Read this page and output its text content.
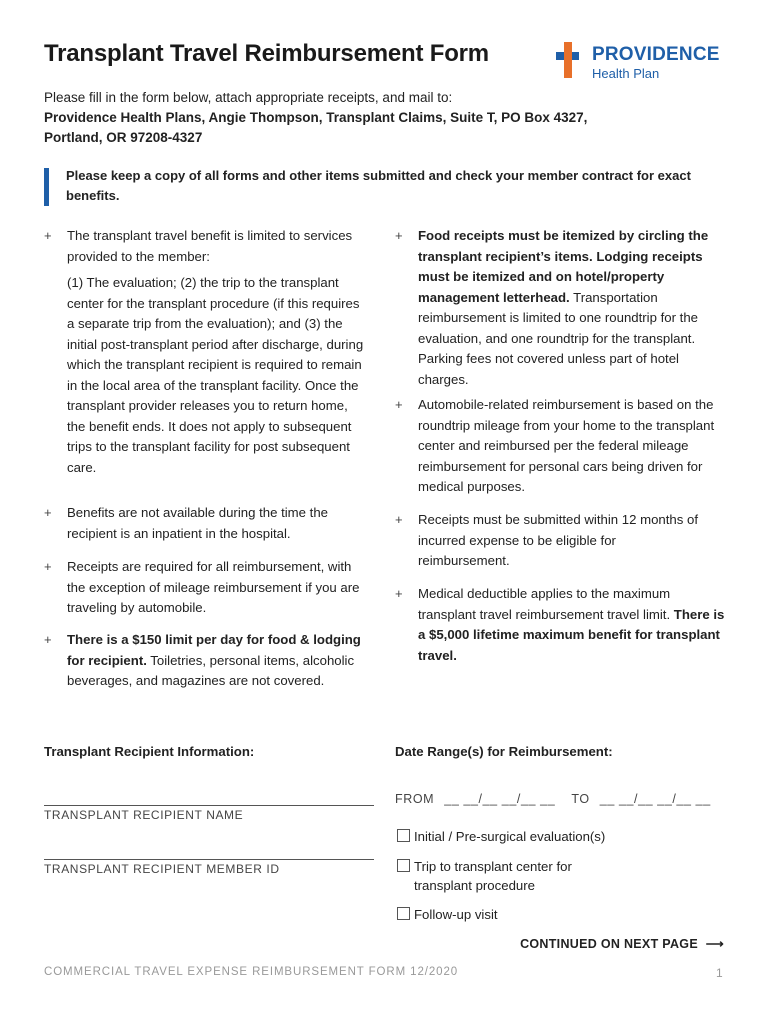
Transplant Travel Reimbursement Form	PROVIDENCE
Health Plan
Please fill in the form below, attach appropriate receipts, and mail to:
Providence Health Plans, Angie Thompson, Transplant Claims, Suite T, PO Box 4327,
Portland, OR 97208-4327
Please keep a copy of all forms and other items submitted and check your member contract for exact benefits.
+	The transplant travel benefit is limited to services provided to the member:
(1) The evaluation; (2) the trip to the transplant center for the transplant procedure (if this requires a separate trip from the evaluation); and (3) the initial post-transplant period after discharge, during which the transplant recipient is required to remain in the local area of the transplant facility. Once the transplant provider releases you to return home, the benefit ends. It does not apply to subsequent trips to the transplant facility for post subsequent care.
+	Benefits are not available during the time the recipient is an inpatient in the hospital.
+	Receipts are required for all reimbursement, with the exception of mileage reimbursement if you are traveling by automobile.
+	There is a $150 limit per day for food & lodging for recipient. Toiletries, personal items, alcoholic beverages, and magazines are not covered.
+	Food receipts must be itemized by circling the transplant recipient’s items. Lodging receipts must be itemized and on hotel/property management letterhead. Transportation reimbursement is limited to one roundtrip for the evaluation, and one roundtrip for the transplant. Parking fees not covered unless part of hotel charges.
+	Automobile-related reimbursement is based on the roundtrip mileage from your home to the transplant center and reimbursed per the federal mileage reimbursement for personal cars being driven for medical purposes.
+	Receipts must be submitted within 12 months of incurred expense to be eligible for reimbursement.
+	Medical deductible applies to the maximum transplant travel reimbursement travel limit. There is a $5,000 lifetime maximum benefit for transplant travel.
Transplant Recipient Information:
TRANSPLANT RECIPIENT NAME
TRANSPLANT RECIPIENT MEMBER ID
Date Range(s) for Reimbursement:
FROM __ __/__ __/__ __ TO __ __/__ __/__ __
Initial / Pre-surgical evaluation(s)
Trip to transplant center for transplant procedure
Follow-up visit
CONTINUED ON NEXT PAGE ⟶
COMMERCIAL TRAVEL EXPENSE REIMBURSEMENT FORM 12/2020	1
